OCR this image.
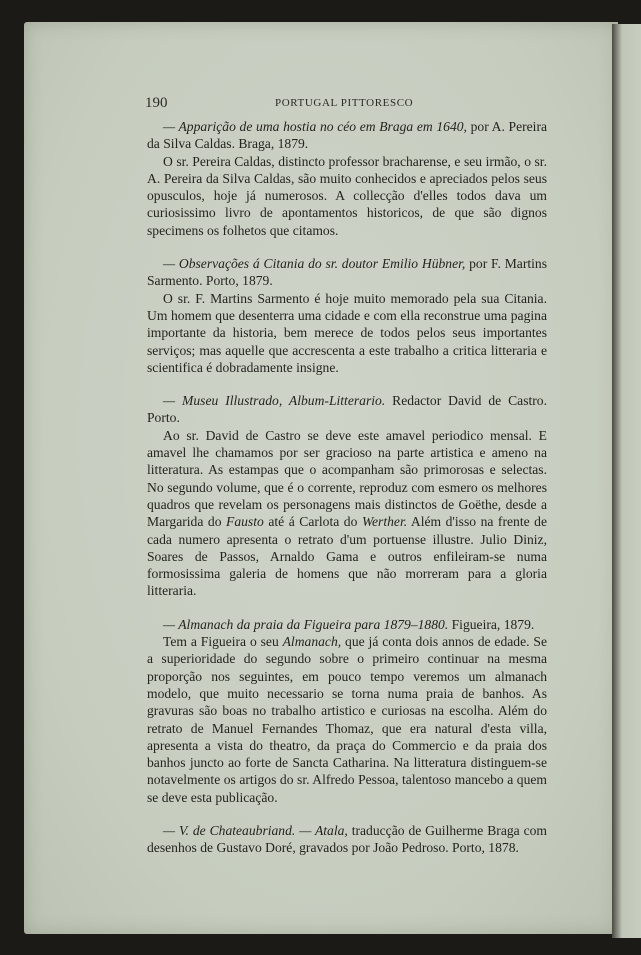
190	PORTUGAL PITTORESCO

— Apparição de uma hostia no céo em Braga em 1640, por A. Pereira da Silva Caldas. Braga, 1879.

O sr. Pereira Caldas, distincto professor bracharense, e seu irmão, o sr. A. Pereira da Silva Caldas, são muito conhecidos e apreciados pelos seus opusculos, hoje já numerosos. A collecção d'elles todos dava um curiosissimo livro de apontamentos historicos, de que são dignos specimens os folhetos que citamos.

— Observações á Citania do sr. doutor Emilio Hübner, por F. Martins Sarmento. Porto, 1879.

O sr. F. Martins Sarmento é hoje muito memorado pela sua Citania. Um homem que desenterra uma cidade e com ella reconstrue uma pagina importante da historia, bem merece de todos pelos seus importantes serviços; mas aquelle que accrescenta a este trabalho a critica litteraria e scientifica é dobradamente insigne.

— Museu Illustrado, Album-Litterario. Redactor David de Castro. Porto.

Ao sr. David de Castro se deve este amavel periodico mensal. E amavel lhe chamamos por ser gracioso na parte artistica e ameno na litteratura. As estampas que o acompanham são primorosas e selectas. No segundo volume, que é o corrente, reproduz com esmero os melhores quadros que revelam os personagens mais distinctos de Goëthe, desde a Margarida do Fausto até á Carlota do Werther. Além d'isso na frente de cada numero apresenta o retrato d'um portuense illustre. Julio Diniz, Soares de Passos, Arnaldo Gama e outros enfileiram-se numa formosissima galeria de homens que não morreram para a gloria litteraria.

— Almanach da praia da Figueira para 1879–1880. Figueira, 1879.

Tem a Figueira o seu Almanach, que já conta dois annos de edade. Se a superioridade do segundo sobre o primeiro continuar na mesma proporção nos seguintes, em pouco tempo veremos um almanach modelo, que muito necessario se torna numa praia de banhos. As gravuras são boas no trabalho artistico e curiosas na escolha. Além do retrato de Manuel Fernandes Thomaz, que era natural d'esta villa, apresenta a vista do theatro, da praça do Commercio e da praia dos banhos juncto ao forte de Sancta Catharina. Na litteratura distinguem-se notavelmente os artigos do sr. Alfredo Pessoa, talentoso mancebo a quem se deve esta publicação.

— V. de Chateaubriand. — Atala, traducção de Guilherme Braga com desenhos de Gustavo Doré, gravados por João Pedroso. Porto, 1878.
